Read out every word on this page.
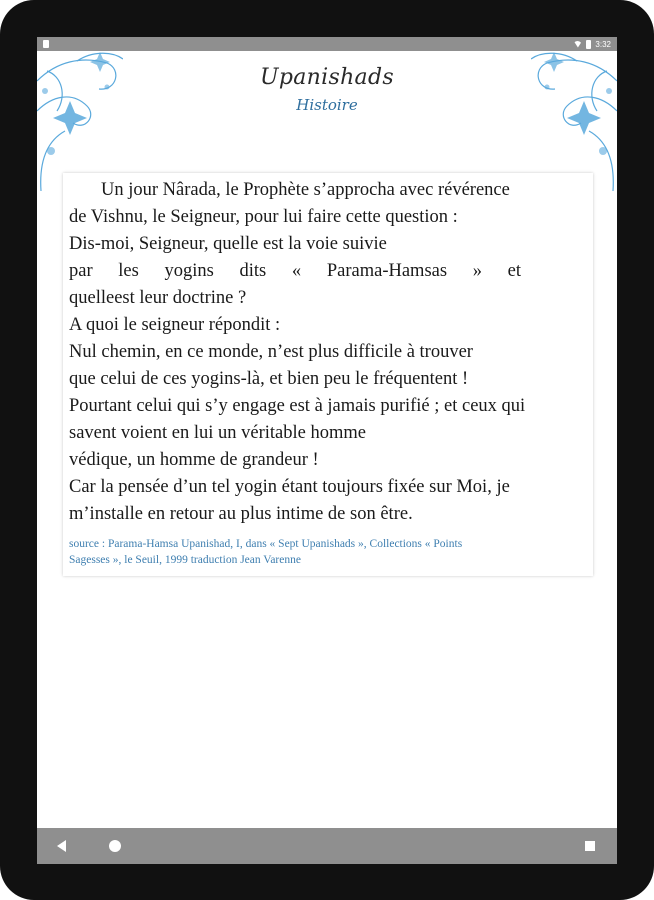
3:32
Upanishads
Histoire
Un jour Nârada, le Prophète s’approcha avec révérence
de Vishnu, le Seigneur, pour lui faire cette question :
Dis-moi, Seigneur, quelle est la voie suivie
par les yogins dits « Parama-Hamsas » et
quelleest leur doctrine ?
A quoi le seigneur répondit :
Nul chemin, en ce monde, n’est plus difficile à trouver
que celui de ces yogins-là, et bien peu le fréquentent !
Pourtant celui qui s’y engage est à jamais purifié ; et ceux qui
savent voient en lui un véritable homme
védique, un homme de grandeur !
Car la pensée d’un tel yogin étant toujours fixée sur Moi, je
m’installe en retour au plus intime de son être.
source : Parama-Hamsa Upanishad, I, dans « Sept Upanishads », Collections « Points
Sagesses », le Seuil, 1999 traduction Jean Varenne
